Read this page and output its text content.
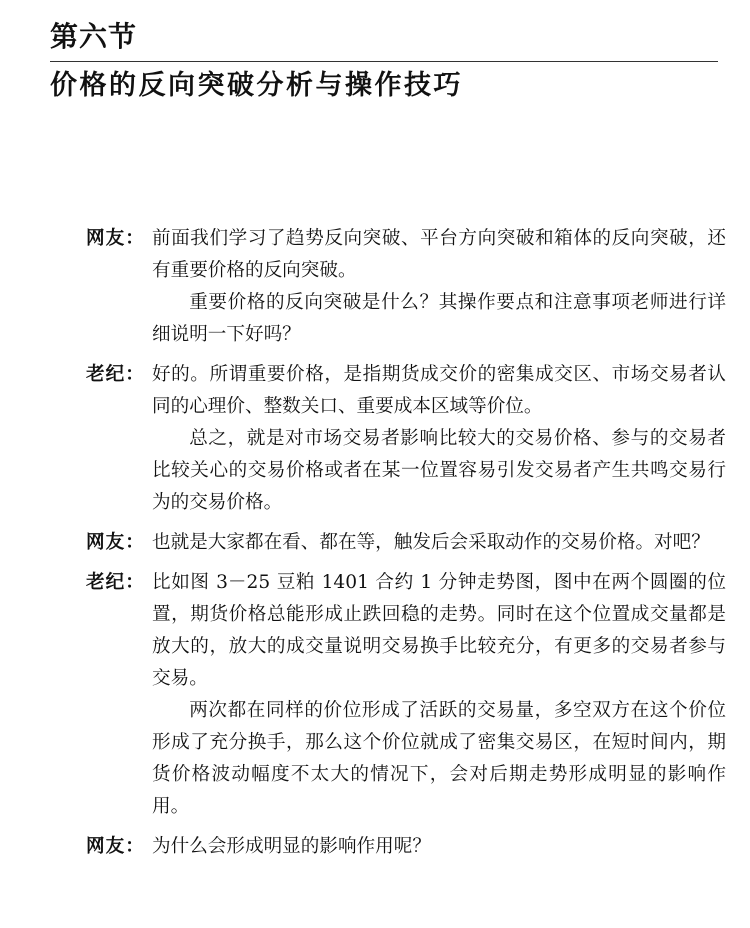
第六节
价格的反向突破分析与操作技巧
网友： 前面我们学习了趋势反向突破、平台方向突破和箱体的反向突破，还有重要价格的反向突破。

重要价格的反向突破是什么？其操作要点和注意事项老师进行详细说明一下好吗？

老纪： 好的。所谓重要价格，是指期货成交价的密集成交区、市场交易者认同的心理价、整数关口、重要成本区域等价位。

总之，就是对市场交易者影响比较大的交易价格、参与的交易者比较关心的交易价格或者在某一位置容易引发交易者产生共鸣交易行为的交易价格。

网友： 也就是大家都在看、都在等，触发后会采取动作的交易价格。对吧？

老纪： 比如图 3－25 豆粕 1401 合约 1 分钟走势图，图中在两个圆圈的位置，期货价格总能形成止跌回稳的走势。同时在这个位置成交量都是放大的，放大的成交量说明交易换手比较充分，有更多的交易者参与交易。

两次都在同样的价位形成了活跃的交易量，多空双方在这个价位形成了充分换手，那么这个价位就成了密集交易区，在短时间内，期货价格波动幅度不太大的情况下，会对后期走势形成明显的影响作用。

网友： 为什么会形成明显的影响作用呢？
